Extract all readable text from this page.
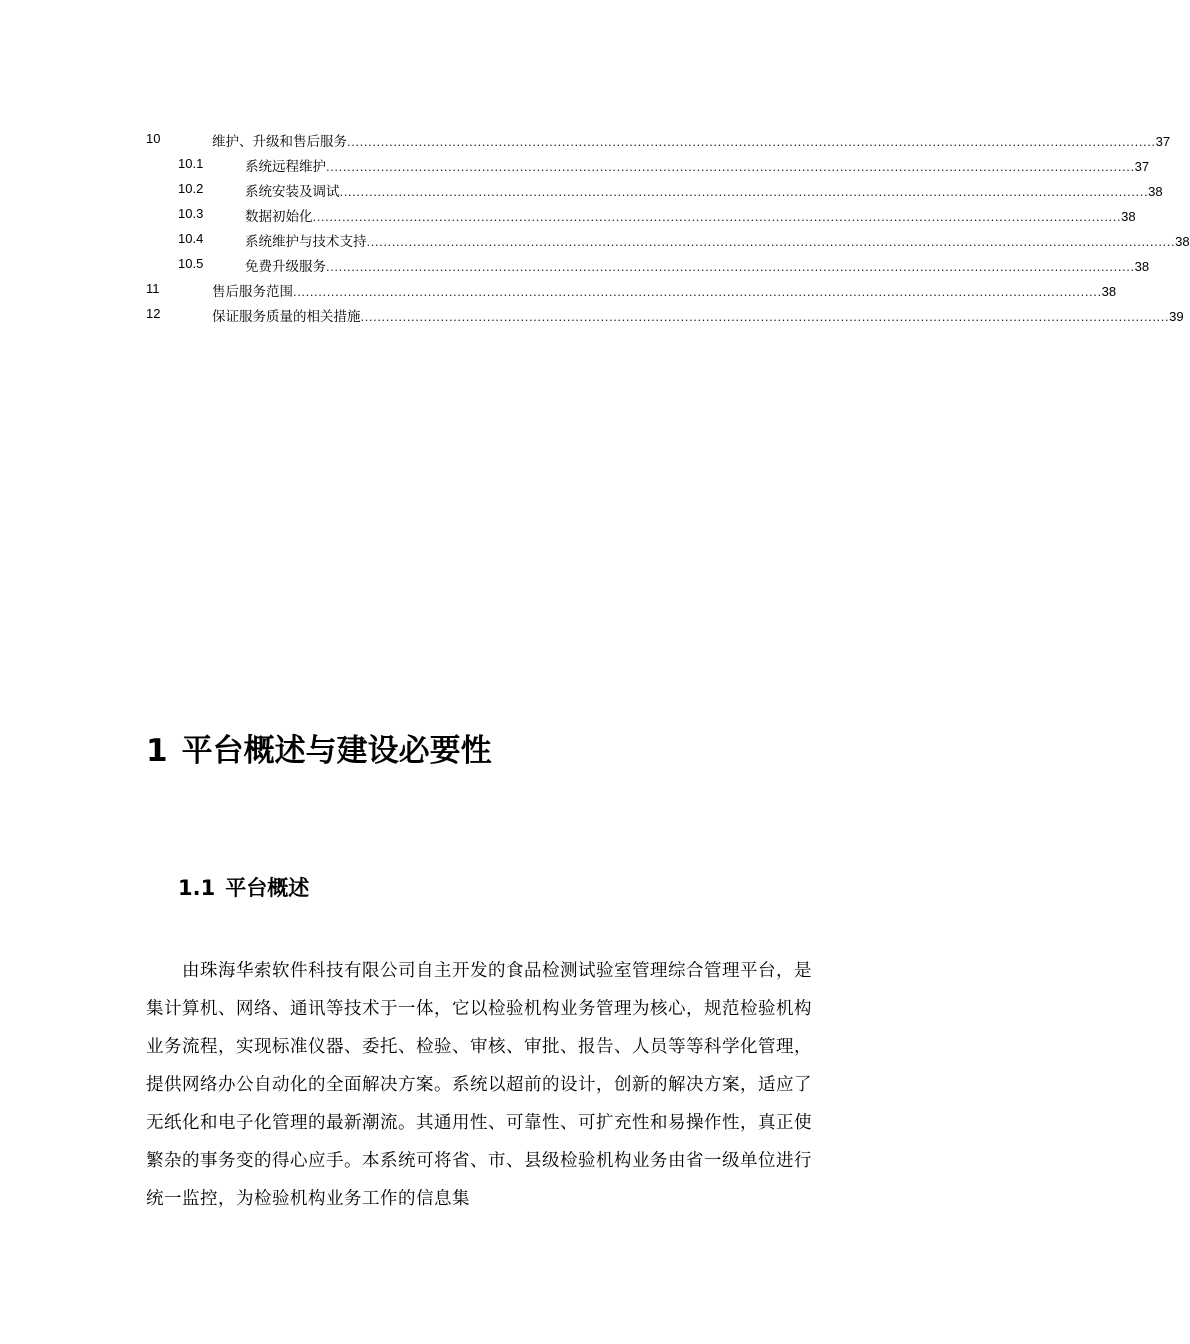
10	维护、升级和售后服务 ................................................................................................................................................................................................ 37
10.1	系统远程维护 ................................................................................................................................................................................................ 37
10.2	系统安装及调试 ................................................................................................................................................................................................ 38
10.3	数据初始化 ................................................................................................................................................................................................ 38
10.4	系统维护与技术支持 ................................................................................................................................................................................................ 38
10.5	免费升级服务 ................................................................................................................................................................................................ 38
11	售后服务范围 ................................................................................................................................................................................................ 38
12	保证服务质量的相关措施 ................................................................................................................................................................................................ 39
1 平台概述与建设必要性
1.1 平台概述
由珠海华索软件科技有限公司自主开发的食品检测试验室管理综合管理平台，是集计算机、网络、通讯等技术于一体，它以检验机构业务管理为核心，规范检验机构业务流程，实现标准仪器、委托、检验、审核、审批、报告、人员等等科学化管理，提供网络办公自动化的全面解决方案。系统以超前的设计，创新的解决方案，适应了无纸化和电子化管理的最新潮流。其通用性、可靠性、可扩充性和易操作性，真正使繁杂的事务变的得心应手。本系统可将省、市、县级检验机构业务由省一级单位进行统一监控，为检验机构业务工作的信息集
